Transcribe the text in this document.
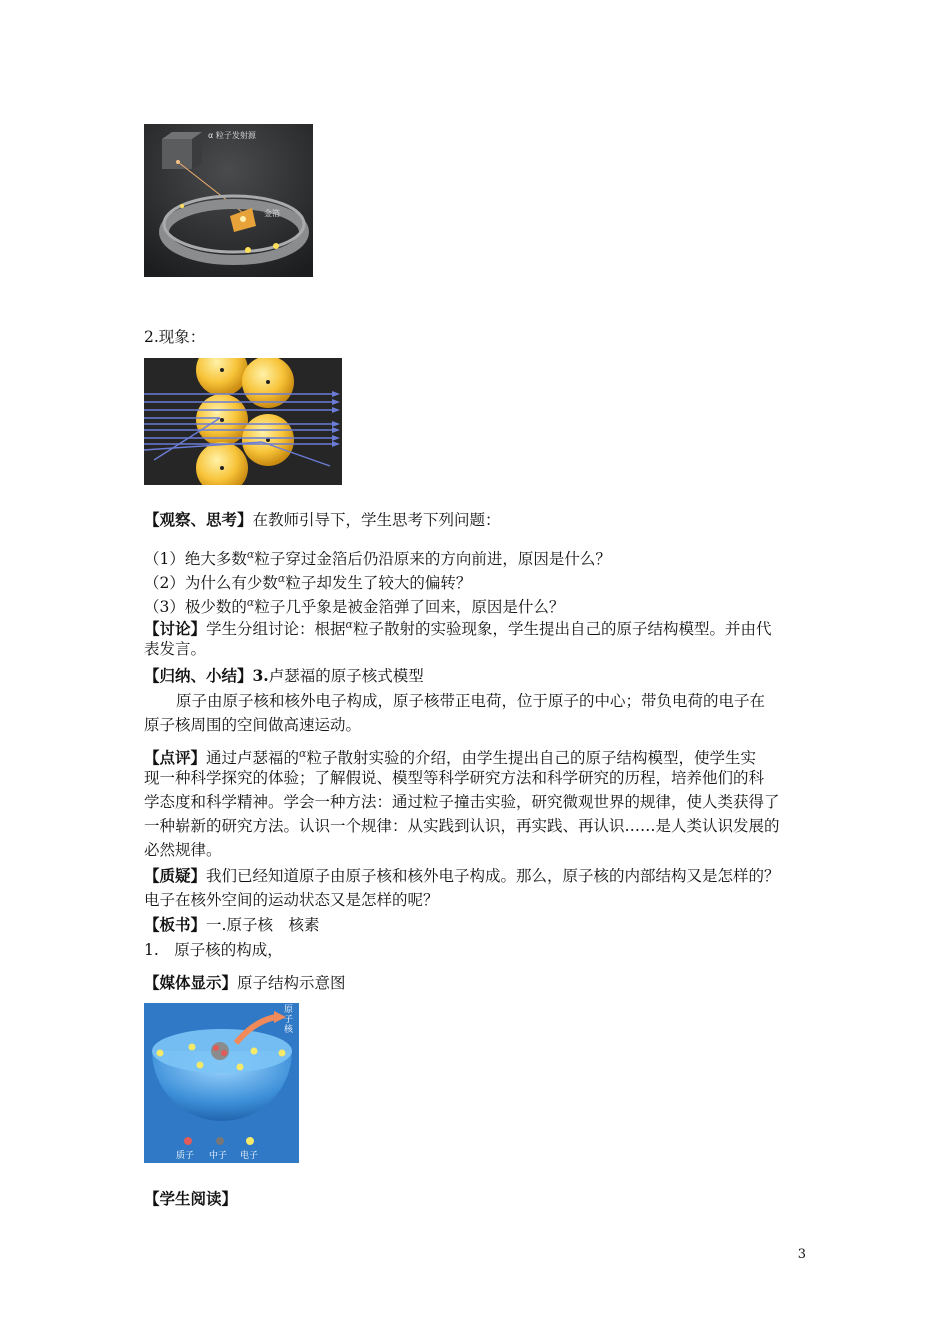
α 粒子发射源
金箔
2.现象：
【观察、思考】在教师引导下，学生思考下列问题：
（1）绝大多数$^\alpha$粒子穿过金箔后仍沿原来的方向前进，原因是什么？
（2）为什么有少数$^\alpha$粒子却发生了较大的偏转？
（3）极少数的$^\alpha$粒子几乎象是被金箔弹了回来，原因是什么？
【讨论】学生分组讨论：根据$^\alpha$粒子散射的实验现象，学生提出自己的原子结构模型。并由代
表发言。
【归纳、小结】3.卢瑟福的原子核式模型
原子由原子核和核外电子构成，原子核带正电荷，位于原子的中心；带负电荷的电子在
原子核周围的空间做高速运动。
【点评】通过卢瑟福的$^\alpha$粒子散射实验的介绍，由学生提出自己的原子结构模型，使学生实
现一种科学探究的体验；了解假说、模型等科学研究方法和科学研究的历程，培养他们的科
学态度和科学精神。学会一种方法：通过粒子撞击实验，研究微观世界的规律，使人类获得了
一种崭新的研究方法。认识一个规律：从实践到认识，再实践、再认识……是人类认识发展的
必然规律。
【质疑】我们已经知道原子由原子核和核外电子构成。那么，原子核的内部结构又是怎样的？
电子在核外空间的运动状态又是怎样的呢？
【板书】一.原子核　核素
1.　原子核的构成，
【媒体显示】原子结构示意图
原子核
质子 中子 电子
【学生阅读】
3
